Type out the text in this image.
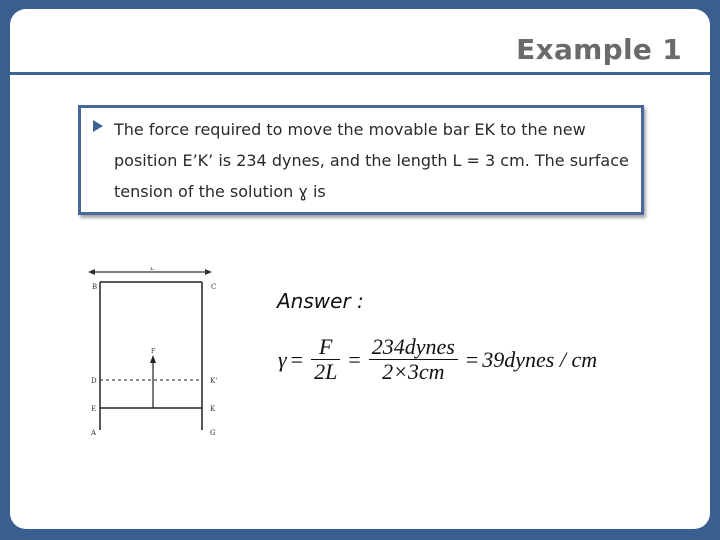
Example 1
The force required to move the movable bar EK to the new position E’K’ is 234 dynes, and the length L = 3 cm. The surface tension of the solution ɣ is
L
F
B	C
D	K'
E	K
A	G
Answer :
$\gamma = \frac{F}{2L} = \frac{\text{234dynes}}{2\times 3cm}$ = 39dynes / cm
